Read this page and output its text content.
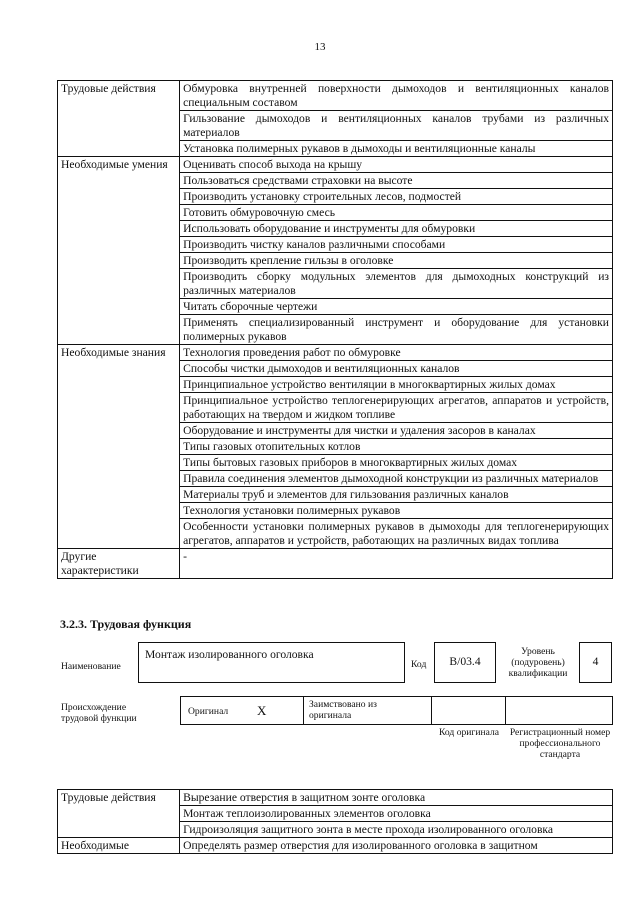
13
Трудовые действия	Обмуровка внутренней поверхности дымоходов и вентиляционных каналов специальным составом
	Гильзование дымоходов и вентиляционных каналов трубами из различных материалов
	Установка полимерных рукавов в дымоходы и вентиляционные каналы
Необходимые умения	Оценивать способ выхода на крышу
	Пользоваться средствами страховки на высоте
	Производить установку строительных лесов, подмостей
	Готовить обмуровочную смесь
	Использовать оборудование и инструменты для обмуровки
	Производить чистку каналов различными способами
	Производить крепление гильзы в оголовке
	Производить сборку модульных элементов для дымоходных конструкций из различных материалов
	Читать сборочные чертежи
	Применять специализированный инструмент и оборудование для установки полимерных рукавов
Необходимые знания	Технология проведения работ по обмуровке
	Способы чистки дымоходов и вентиляционных каналов
	Принципиальное устройство вентиляции в многоквартирных жилых домах
	Принципиальное устройство теплогенерирующих агрегатов, аппаратов и устройств, работающих на твердом и жидком топливе
	Оборудование и инструменты для чистки и удаления засоров в каналах
	Типы газовых отопительных котлов
	Типы бытовых газовых приборов в многоквартирных жилых домах
	Правила соединения элементов дымоходной конструкции из различных материалов
	Материалы труб и элементов для гильзования различных каналов
	Технология установки полимерных рукавов
	Особенности установки полимерных рукавов в дымоходы для теплогенерирующих агрегатов, аппаратов и устройств, работающих на различных видах топлива
Другие характеристики	-
3.2.3. Трудовая функция
Наименование
Монтаж изолированного оголовка
Код	B/03.4
Уровень (подуровень) квалификации
4
Происхождение трудовой функции
Оригинал X	Заимствовано из оригинала
Код оригинала Регистрационный номер профессионального стандарта
Трудовые действия	Вырезание отверстия в защитном зонте оголовка
	Монтаж теплоизолированных элементов оголовка
	Гидроизоляция защитного зонта в месте прохода изолированного оголовка
Необходимые	Определять размер отверстия для изолированного оголовка в защитном
